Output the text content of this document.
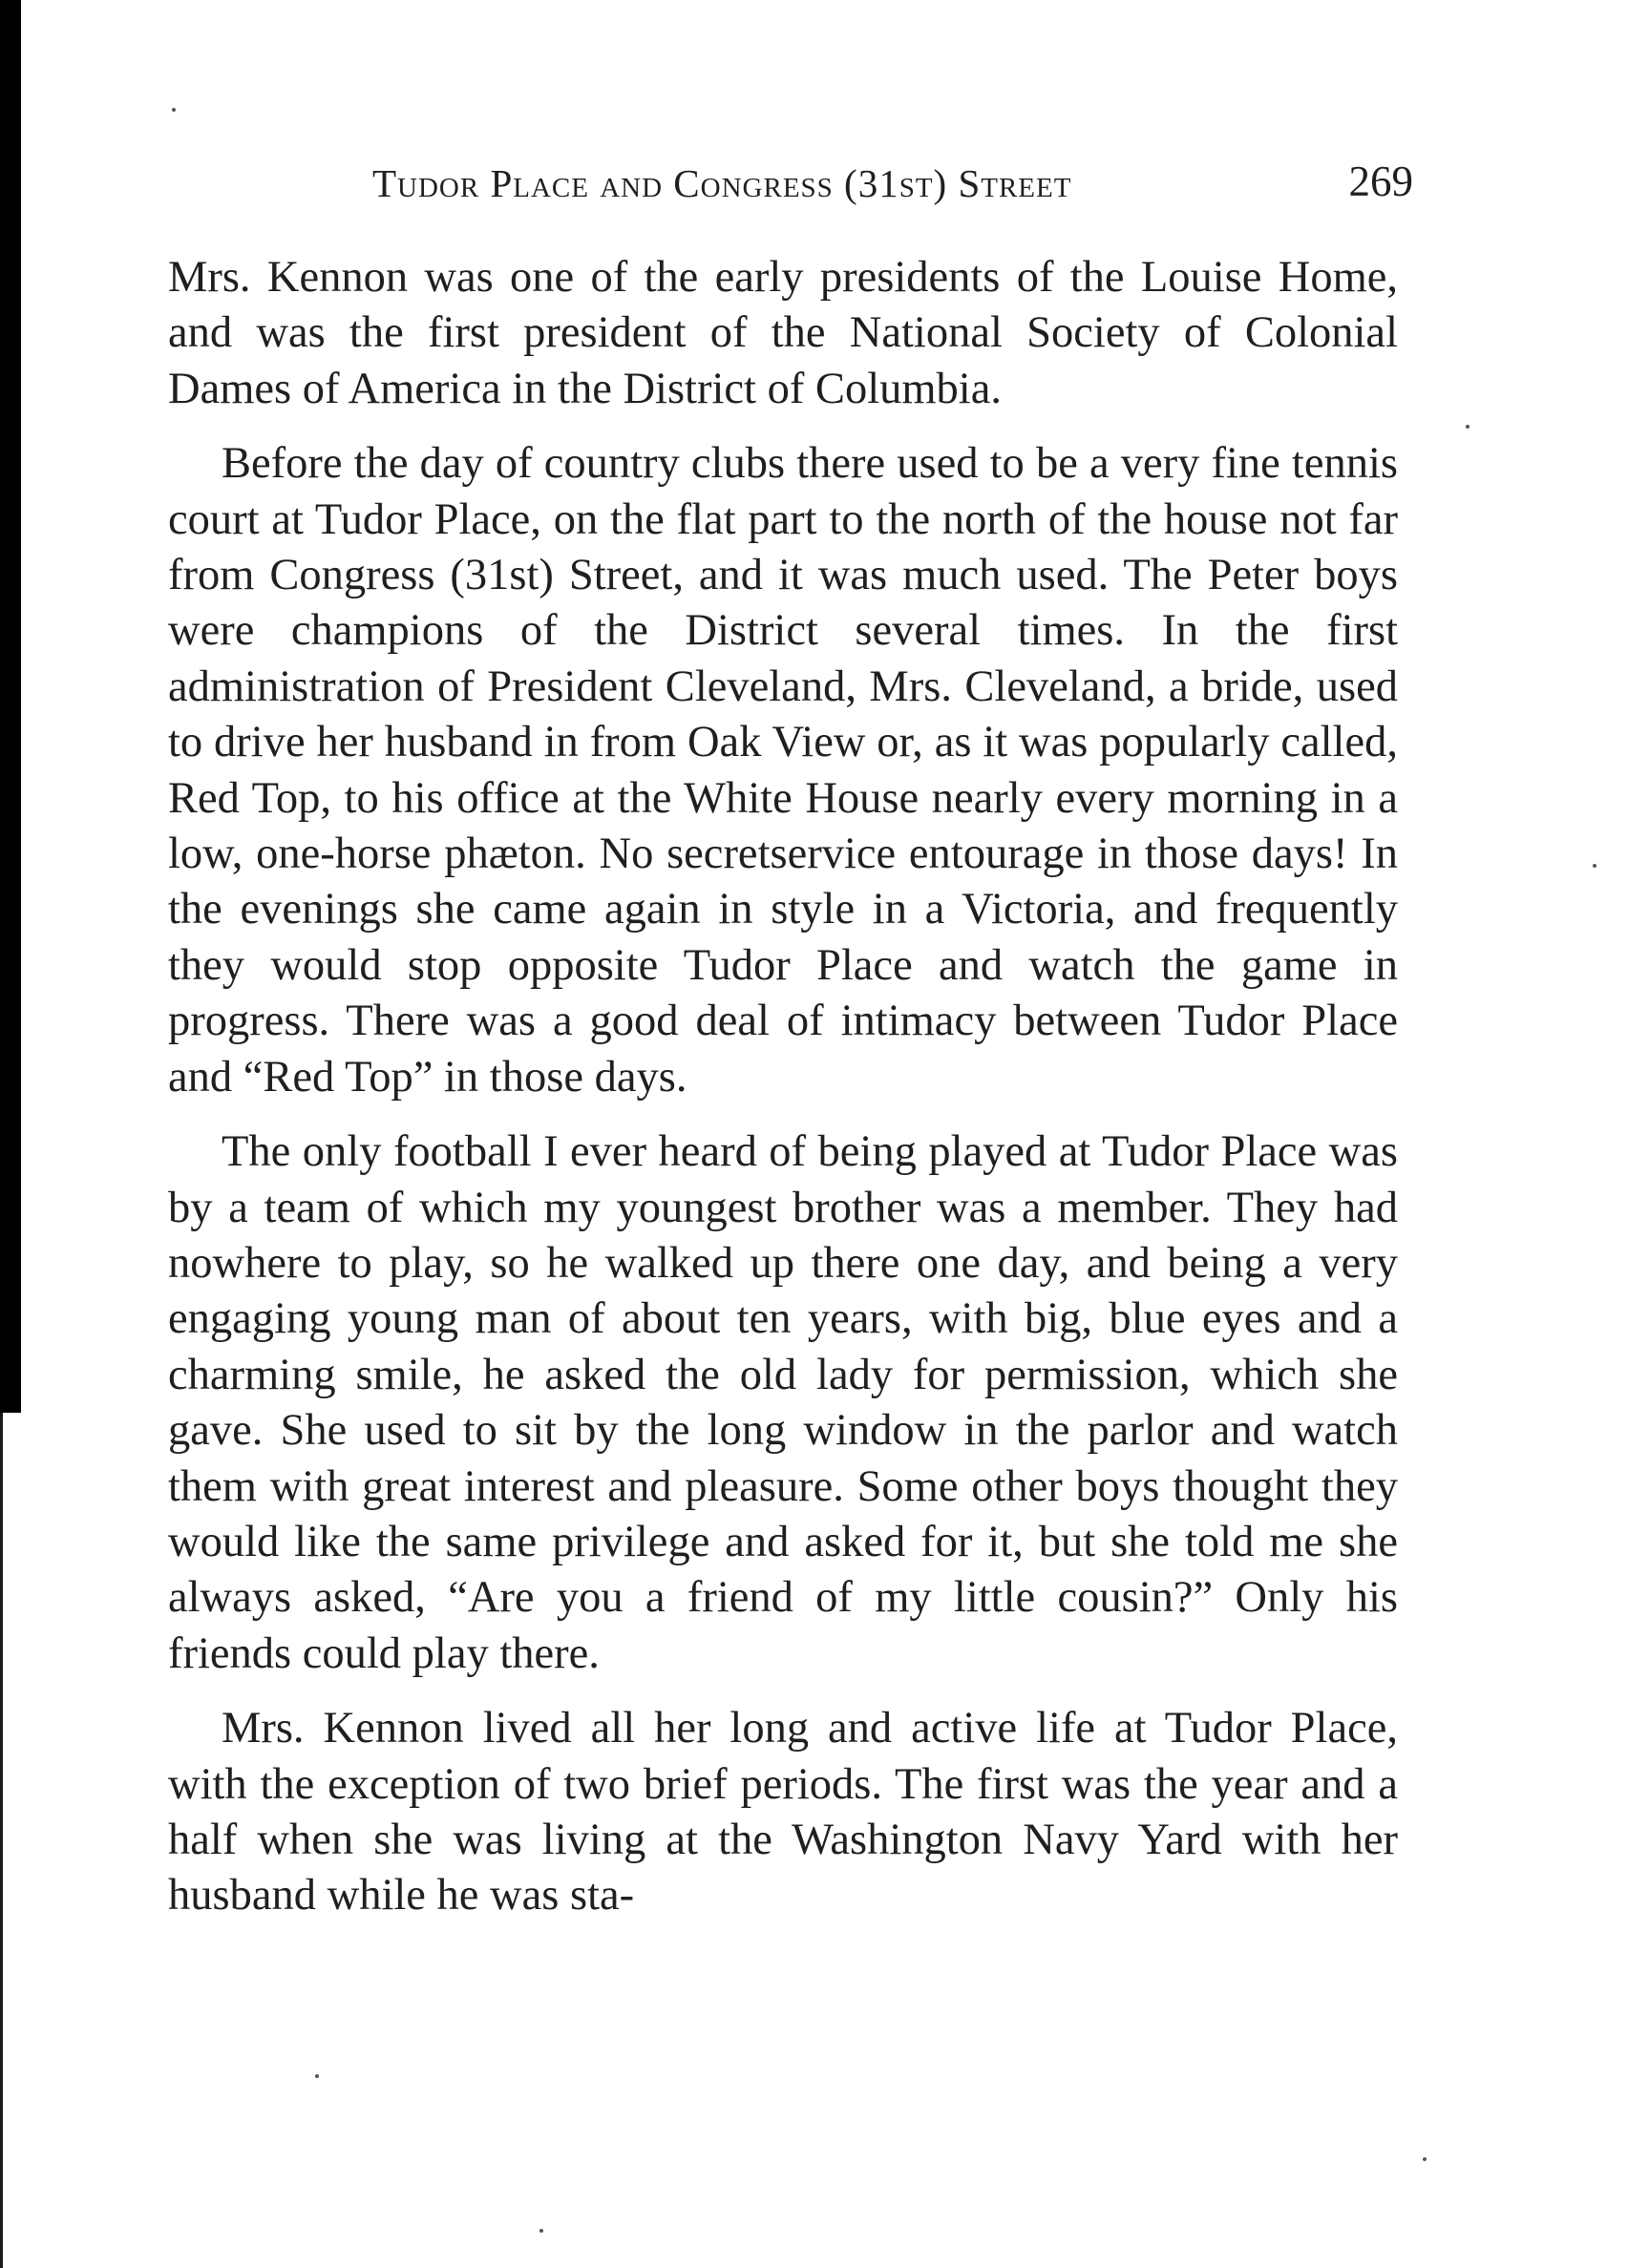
Tudor Place and Congress (31st) Street	269

Mrs. Kennon was one of the early presidents of the Louise Home, and was the first president of the National Society of Colonial Dames of America in the District of Columbia.

Before the day of country clubs there used to be a very fine tennis court at Tudor Place, on the flat part to the north of the house not far from Congress (31st) Street, and it was much used. The Peter boys were champions of the District several times. In the first administration of President Cleveland, Mrs. Cleveland, a bride, used to drive her husband in from Oak View or, as it was popularly called, Red Top, to his office at the White House nearly every morning in a low, one-horse phæton. No secretservice entourage in those days! In the evenings she came again in style in a Victoria, and frequently they would stop opposite Tudor Place and watch the game in progress. There was a good deal of intimacy between Tudor Place and “Red Top” in those days.

The only football I ever heard of being played at Tudor Place was by a team of which my youngest brother was a member. They had nowhere to play, so he walked up there one day, and being a very engaging young man of about ten years, with big, blue eyes and a charming smile, he asked the old lady for permission, which she gave. She used to sit by the long window in the parlor and watch them with great interest and pleasure. Some other boys thought they would like the same privilege and asked for it, but she told me she always asked, “Are you a friend of my little cousin?” Only his friends could play there.

Mrs. Kennon lived all her long and active life at Tudor Place, with the exception of two brief periods. The first was the year and a half when she was living at the Washington Navy Yard with her husband while he was sta-
